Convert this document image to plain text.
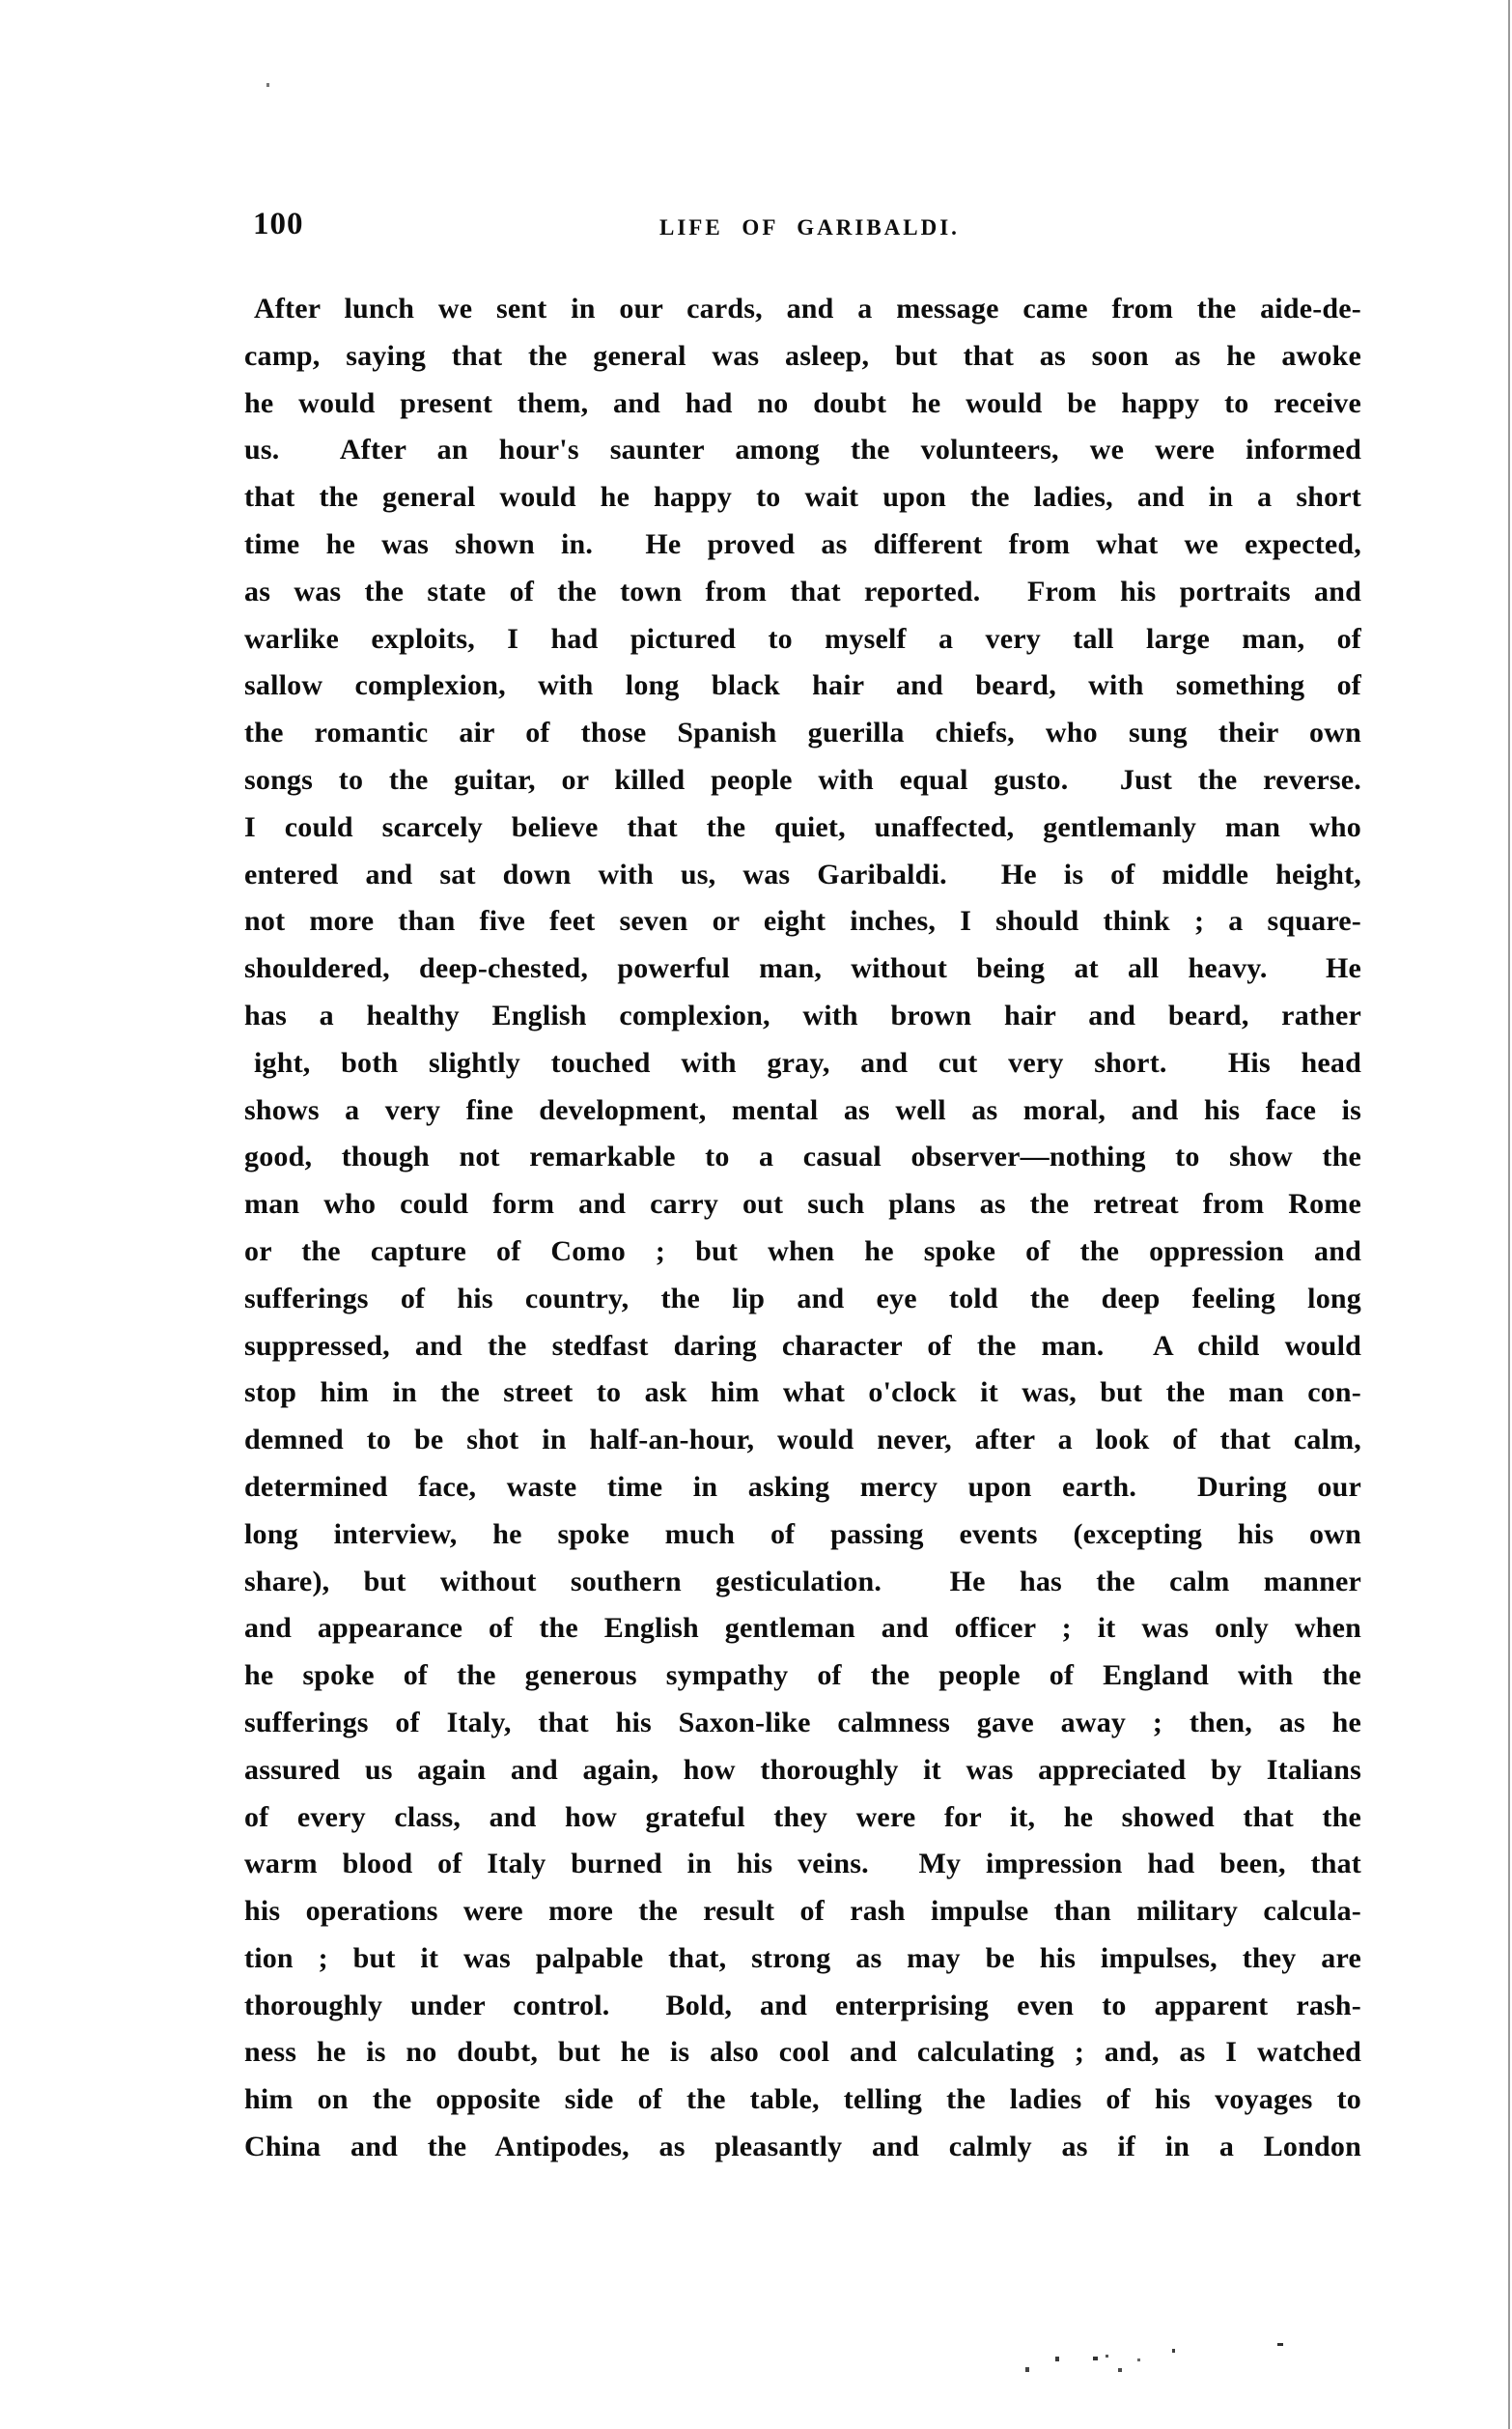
100	LIFE OF GARIBALDI.
After lunch we sent in our cards, and a message came from the aide-de-
camp, saying that the general was asleep, but that as soon as he awoke
he would present them, and had no doubt he would be happy to receive
us.  After an hour's saunter among the volunteers, we were informed
that the general would he happy to wait upon the ladies, and in a short
time he was shown in.  He proved as different from what we expected,
as was the state of the town from that reported.  From his portraits and
warlike exploits, I had pictured to myself a very tall large man, of
sallow complexion, with long black hair and beard, with something of
the romantic air of those Spanish guerilla chiefs, who sung their own
songs to the guitar, or killed people with equal gusto.  Just the reverse.
I could scarcely believe that the quiet, unaffected, gentlemanly man who
entered and sat down with us, was Garibaldi.  He is of middle height,
not more than five feet seven or eight inches, I should think ; a square-
shouldered, deep-chested, powerful man, without being at all heavy.  He
has a healthy English complexion, with brown hair and beard, rather
ight, both slightly touched with gray, and cut very short.  His head
shows a very fine development, mental as well as moral, and his face is
good, though not remarkable to a casual observer—nothing to show the
man who could form and carry out such plans as the retreat from Rome
or the capture of Como ; but when he spoke of the oppression and
sufferings of his country, the lip and eye told the deep feeling long
suppressed, and the stedfast daring character of the man.  A child would
stop him in the street to ask him what o'clock it was, but the man con-
demned to be shot in half-an-hour, would never, after a look of that calm,
determined face, waste time in asking mercy upon earth.  During our
long interview, he spoke much of passing events (excepting his own
share), but without southern gesticulation.  He has the calm manner
and appearance of the English gentleman and officer ; it was only when
he spoke of the generous sympathy of the people of England with the
sufferings of Italy, that his Saxon-like calmness gave away ; then, as he
assured us again and again, how thoroughly it was appreciated by Italians
of every class, and how grateful they were for it, he showed that the
warm blood of Italy burned in his veins.  My impression had been, that
his operations were more the result of rash impulse than military calcula-
tion ; but it was palpable that, strong as may be his impulses, they are
thoroughly under control.  Bold, and enterprising even to apparent rash-
ness he is no doubt, but he is also cool and calculating ; and, as I watched
him on the opposite side of the table, telling the ladies of his voyages to
China and the Antipodes, as pleasantly and calmly as if in a London
